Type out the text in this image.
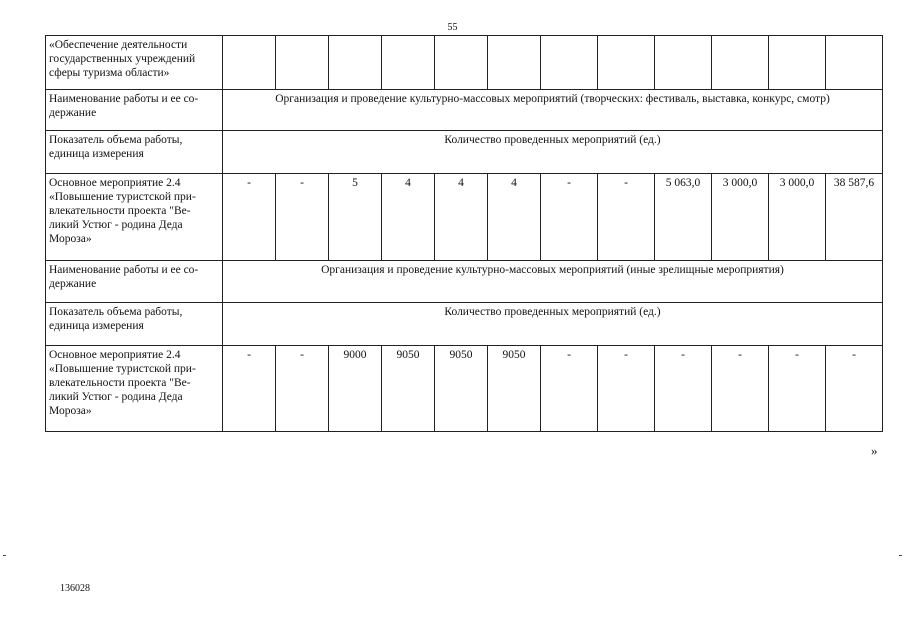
55
«Обеспечение деятельности государственных учреждений сферы туризма области»												
Наименование работы и ее со-держание	Организация и проведение культурно-массовых мероприятий (творческих: фестиваль, выставка, конкурс, смотр)											
Показатель объема работы, единица измерения	Количество проведенных мероприятий (ед.)											
Основное мероприятие 2.4 «Повышение туристской при-влекательности проекта "Ве-ликий Устюг - родина Деда Мороза»	-	-	5	4	4	4	-	-	5 063,0	3 000,0	3 000,0	38 587,6
Наименование работы и ее со-держание	Организация и проведение культурно-массовых мероприятий (иные зрелищные мероприятия)											
Показатель объема работы, единица измерения	Количество проведенных мероприятий (ед.)											
Основное мероприятие 2.4 «Повышение туристской при-влекательности проекта "Ве-ликий Устюг - родина Деда Мороза»	-	-	9000	9050	9050	9050	-	-	-	-	-	-
»
136028
